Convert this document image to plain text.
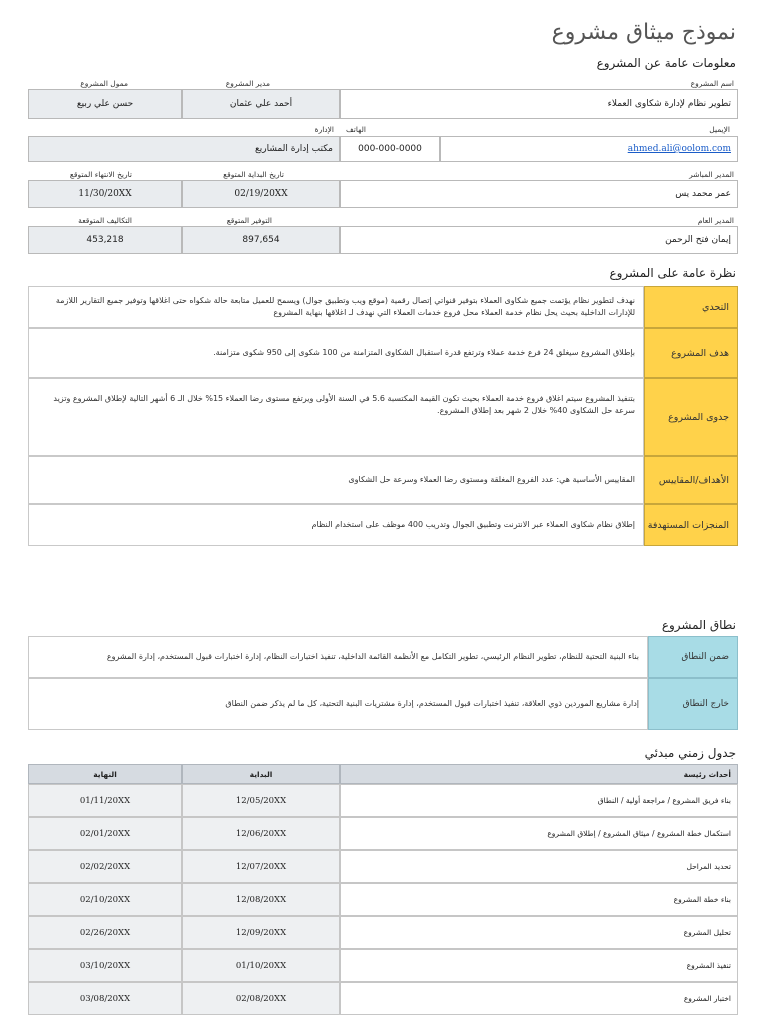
نموذج ميثاق مشروع
معلومات عامة عن المشروع
اسم المشروع
مدير المشروع
ممول المشروع
تطوير نظام لإدارة شكاوى العملاء
أحمد علي عثمان
حسن علي ربيع
الإيميل
الهاتف
الإدارة
ahmed.ali@oolom.com
000-000-0000
مكتب إدارة المشاريع
المدير المباشر
تاريخ البداية المتوقع
تاريخ الانتهاء المتوقع
عمر محمد يس
02/19/20XX
11/30/20XX
المدير العام
التوفير المتوقع
التكاليف المتوقعة
إيمان فتح الرحمن
897,654
453,218
نظرة عامة على المشروع
التحدي
نهدف لتطوير نظام يؤتمت جميع شكاوى العملاء بتوفير قنواتي إتصال رقمية (موقع ويب وتطبيق جوال) ويسمح للعميل متابعة حالة شكواه حتى اغلاقها وتوفير جميع التقارير اللازمة للإدارات الداخلية بحيث يحل نظام خدمة العملاء محل فروع خدمات العملاء التي نهدف لـ اغلاقها بنهاية المشروع
هدف المشروع
بإطلاق المشروع سيغلق 24 فرع خدمة عملاء وترتفع قدرة استقبال الشكاوى المتزامنة من 100 شكوى إلى 950 شكوى متزامنة.
جدوى المشروع
بتنفيذ المشروع سيتم اغلاق فروع خدمة العملاء بحيث تكون القيمة المكتسبة 5.6 في السنة الأولى ويرتفع مستوى رضا العملاء 15% خلال الـ 6 أشهر التالية لإطلاق المشروع وتزيد سرعة حل الشكاوى 40% خلال 2 شهر بعد إطلاق المشروع.
الأهداف/المقاييس
المقاييس الأساسية هي: عدد الفروع المغلقة ومستوى رضا العملاء وسرعة حل الشكاوى
المنجزات المستهدفة
إطلاق نظام شكاوى العملاء عبر الانترنت وتطبيق الجوال وتدريب 400 موظف على استخدام النظام
نطاق المشروع
ضمن النطاق
بناء البنية التحتية للنظام، تطوير النظام الرئيسي، تطوير التكامل مع الأنظمة القائمة الداخلية، تنفيذ اختبارات النظام، إدارة اختبارات قبول المستخدم، إدارة المشروع
خارج النطاق
إدارة مشاريع الموردين ذوي العلاقة، تنفيذ اختبارات قبول المستخدم، إدارة مشتريات البنية التحتية، كل ما لم يذكر ضمن النطاق
جدول زمني مبدئي
أحداث رئيسة
البداية
النهاية
بناء فريق المشروع / مراجعة أولية / النطاق
12/05/20XX
01/11/20XX
استكمال خطة المشروع / ميثاق المشروع / إطلاق المشروع
12/06/20XX
02/01/20XX
تحديد المراحل
12/07/20XX
02/02/20XX
بناء خطة المشروع
12/08/20XX
02/10/20XX
تحليل المشروع
12/09/20XX
02/26/20XX
تنفيذ المشروع
01/10/20XX
03/10/20XX
اختبار المشروع
02/08/20XX
03/08/20XX
